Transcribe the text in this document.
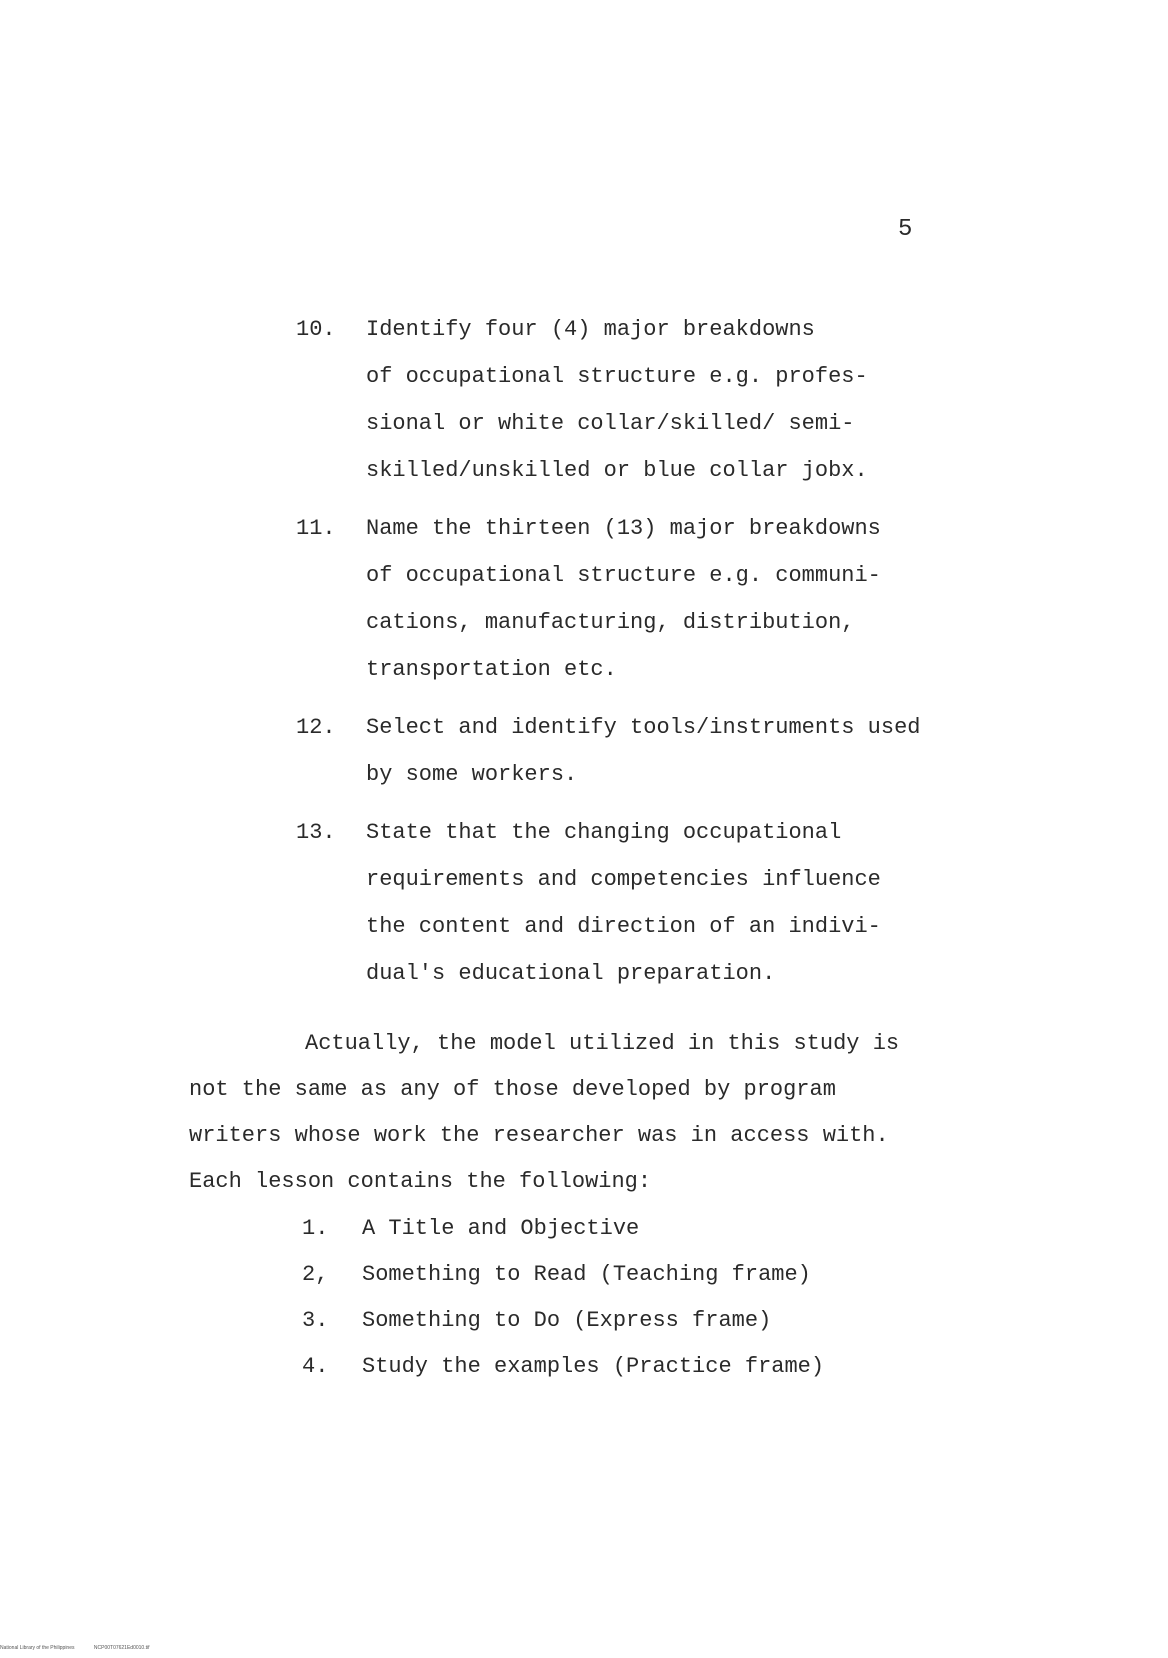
5
10. Identify four (4) major breakdowns
of occupational structure e.g. profes-
sional or white collar/skilled/ semi-
skilled/unskilled or blue collar jobx.
11. Name the thirteen (13) major breakdowns
of occupational structure e.g. communi-
cations, manufacturing, distribution,
transportation etc.
12. Select and identify tools/instruments used
by some workers.
13. State that the changing occupational
requirements and competencies influence
the content and direction of an indivi-
dual's educational preparation.
Actually, the model utilized in this study is
not the same as any of those developed by program
writers whose work the researcher was in access with.
Each lesson contains the following:
1. A Title and Objective
2, Something to Read (Teaching frame)
3. Something to Do (Express frame)
4. Study the examples (Practice frame)
National Library of the Philippines	NCP00T07621Ed0010.tif
